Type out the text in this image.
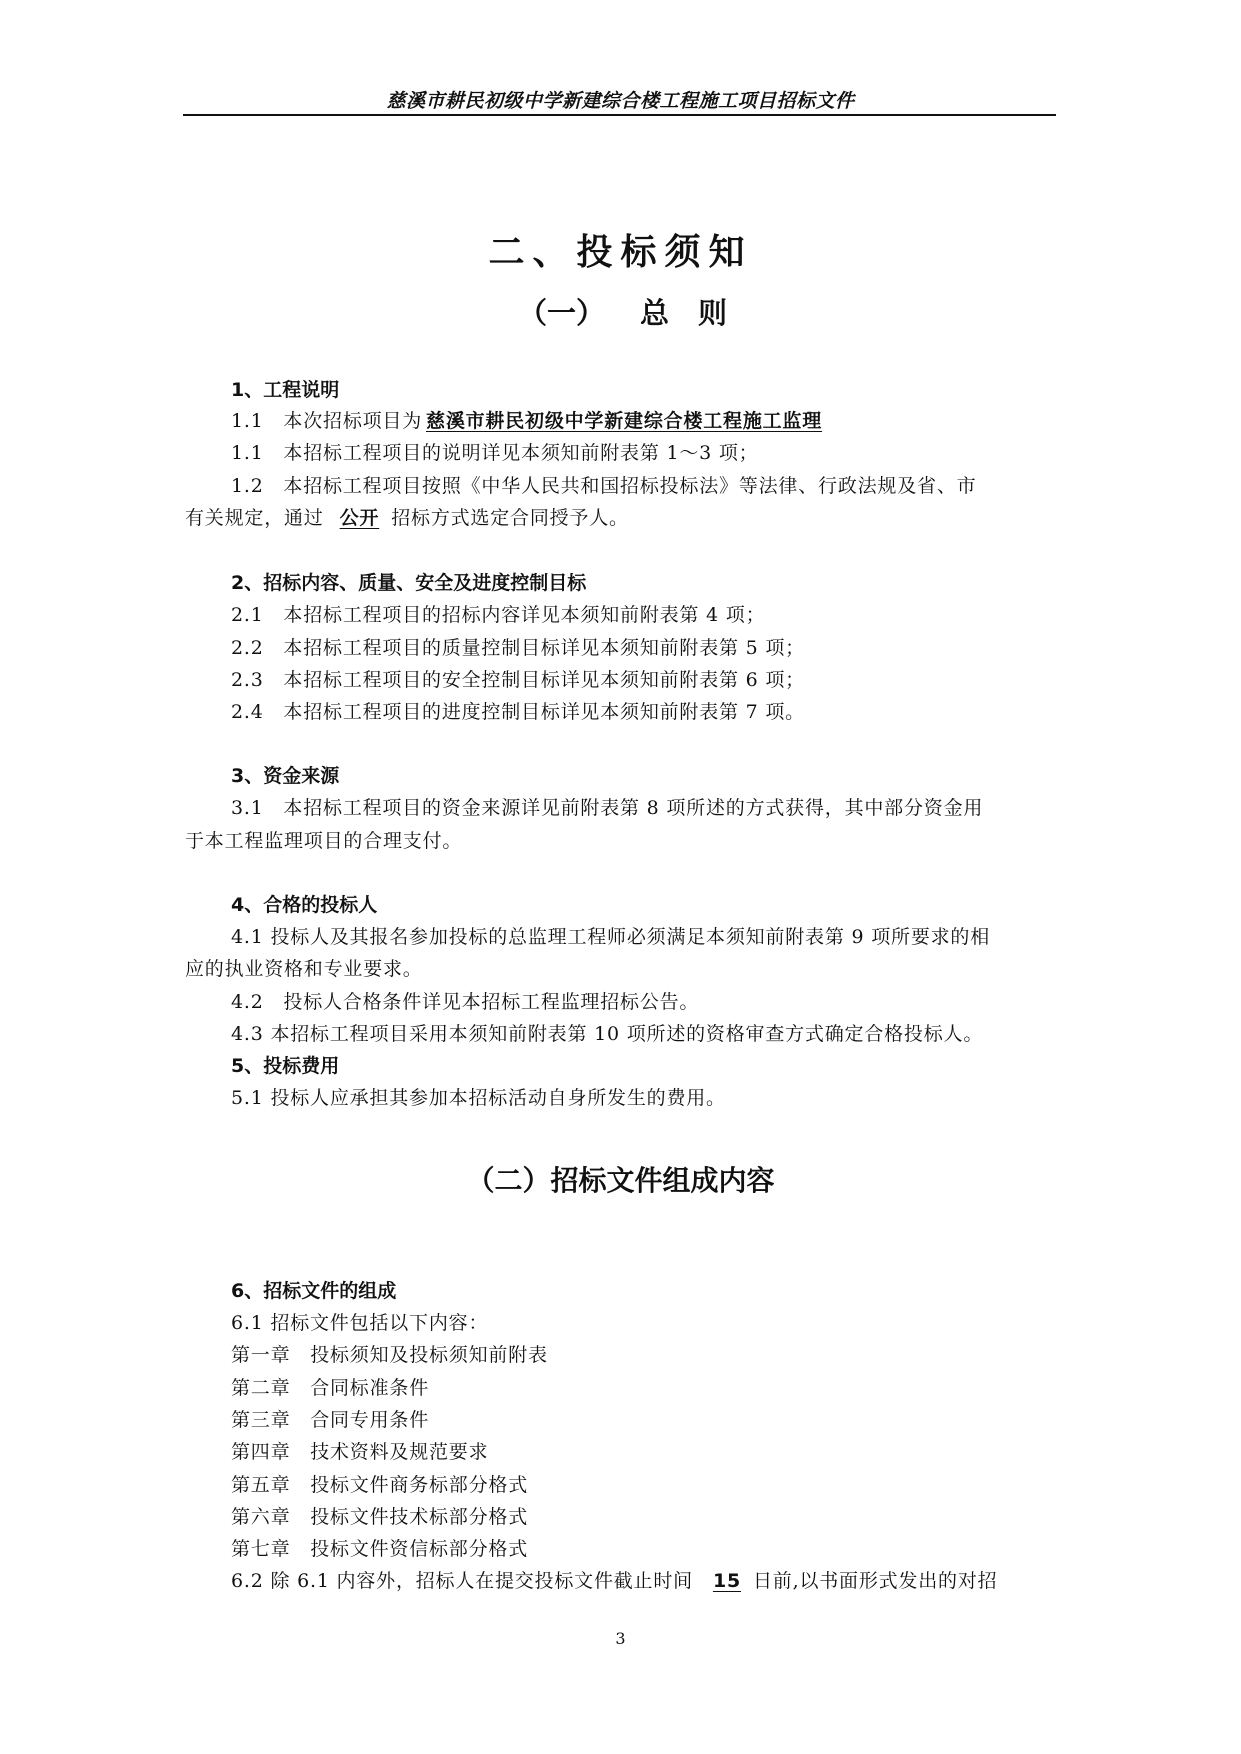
慈溪市耕民初级中学新建综合楼工程施工项目招标文件
二、投标须知
（一） 总　则
1、工程说明
1.1　本次招标项目为 慈溪市耕民初级中学新建综合楼工程施工监理
1.1　本招标工程项目的说明详见本须知前附表第 1～3 项；
1.2　本招标工程项目按照《中华人民共和国招标投标法》等法律、行政法规及省、市
有关规定，通过 公开 招标方式选定合同授予人。
2、招标内容、质量、安全及进度控制目标
2.1　本招标工程项目的招标内容详见本须知前附表第 4 项；
2.2　本招标工程项目的质量控制目标详见本须知前附表第 5 项；
2.3　本招标工程项目的安全控制目标详见本须知前附表第 6 项；
2.4　本招标工程项目的进度控制目标详见本须知前附表第 7 项。
3、资金来源
3.1　本招标工程项目的资金来源详见前附表第 8 项所述的方式获得，其中部分资金用
于本工程监理项目的合理支付。
4、合格的投标人
4.1 投标人及其报名参加投标的总监理工程师必须满足本须知前附表第 9 项所要求的相
应的执业资格和专业要求。
4.2　投标人合格条件详见本招标工程监理招标公告。
4.3 本招标工程项目采用本须知前附表第 10 项所述的资格审查方式确定合格投标人。
5、投标费用
5.1 投标人应承担其参加本招标活动自身所发生的费用。
（二）招标文件组成内容
6、招标文件的组成
6.1 招标文件包括以下内容：
第一章　投标须知及投标须知前附表
第二章　合同标准条件
第三章　合同专用条件
第四章　技术资料及规范要求
第五章　投标文件商务标部分格式
第六章　投标文件技术标部分格式
第七章　投标文件资信标部分格式
6.2 除 6.1 内容外，招标人在提交投标文件截止时间 15 日前,以书面形式发出的对招
3
